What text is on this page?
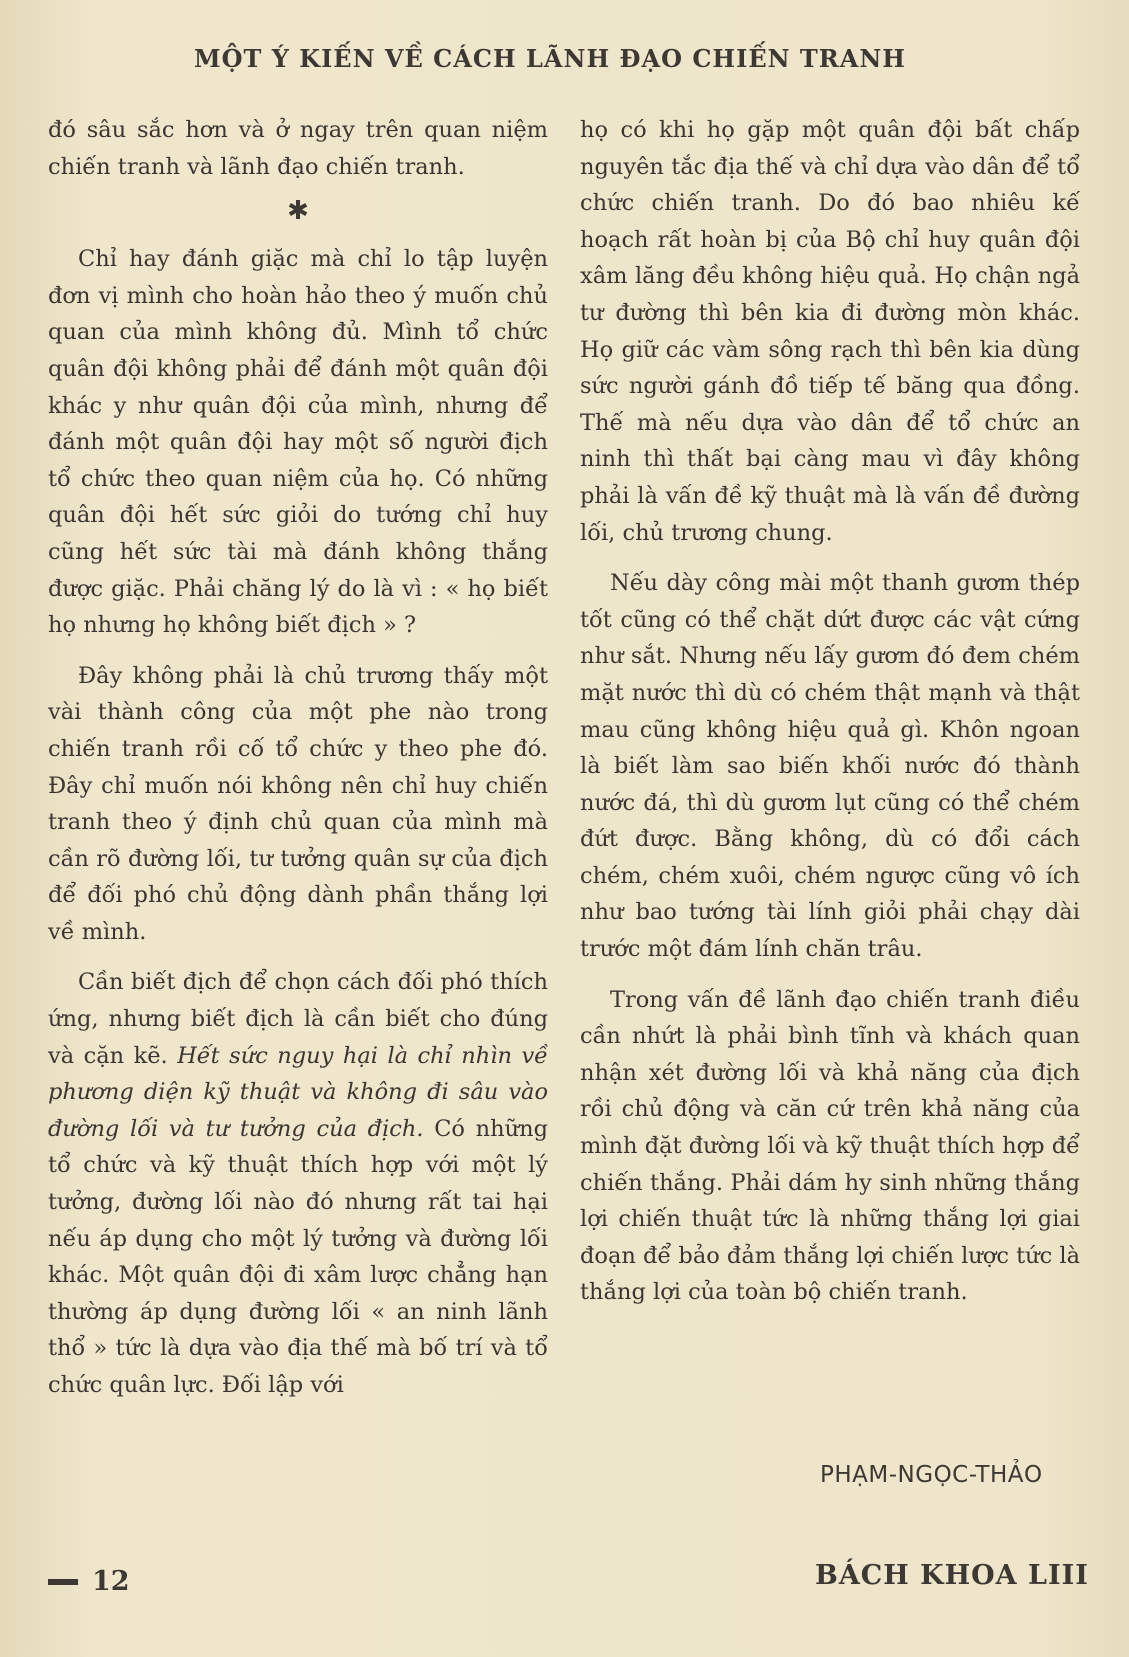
MỘT Ý KIẾN VỀ CÁCH LÃNH ĐẠO CHIẾN TRANH

đó sâu sắc hơn và ở ngay trên quan niệm chiến tranh và lãnh đạo chiến tranh.

✱

Chỉ hay đánh giặc mà chỉ lo tập luyện đơn vị mình cho hoàn hảo theo ý muốn chủ quan của mình không đủ. Mình tổ chức quân đội không phải để đánh một quân đội khác y như quân đội của mình, nhưng để đánh một quân đội hay một số người địch tổ chức theo quan niệm của họ. Có những quân đội hết sức giỏi do tướng chỉ huy cũng hết sức tài mà đánh không thắng được giặc. Phải chăng lý do là vì : « họ biết họ nhưng họ không biết địch » ?

Đây không phải là chủ trương thấy một vài thành công của một phe nào trong chiến tranh rồi cố tổ chức y theo phe đó. Đây chỉ muốn nói không nên chỉ huy chiến tranh theo ý định chủ quan của mình mà cần rõ đường lối, tư tưởng quân sự của địch để đối phó chủ động dành phần thắng lợi về mình.

Cần biết địch để chọn cách đối phó thích ứng, nhưng biết địch là cần biết cho đúng và cặn kẽ. Hết sức nguy hại là chỉ nhìn về phương diện kỹ thuật và không đi sâu vào đường lối và tư tưởng của địch. Có những tổ chức và kỹ thuật thích hợp với một lý tưởng, đường lối nào đó nhưng rất tai hại nếu áp dụng cho một lý tưởng và đường lối khác. Một quân đội đi xâm lược chẳng hạn thường áp dụng đường lối « an ninh lãnh thổ » tức là dựa vào địa thế mà bố trí và tổ chức quân lực. Đối lập với

họ có khi họ gặp một quân đội bất chấp nguyên tắc địa thế và chỉ dựa vào dân để tổ chức chiến tranh. Do đó bao nhiêu kế hoạch rất hoàn bị của Bộ chỉ huy quân đội xâm lăng đều không hiệu quả. Họ chận ngả tư đường thì bên kia đi đường mòn khác. Họ giữ các vàm sông rạch thì bên kia dùng sức người gánh đồ tiếp tế băng qua đồng. Thế mà nếu dựa vào dân để tổ chức an ninh thì thất bại càng mau vì đây không phải là vấn đề kỹ thuật mà là vấn đề đường lối, chủ trương chung.

Nếu dày công mài một thanh gươm thép tốt cũng có thể chặt dứt được các vật cứng như sắt. Nhưng nếu lấy gươm đó đem chém mặt nước thì dù có chém thật mạnh và thật mau cũng không hiệu quả gì. Khôn ngoan là biết làm sao biến khối nước đó thành nước đá, thì dù gươm lụt cũng có thể chém đứt được. Bằng không, dù có đổi cách chém, chém xuôi, chém ngược cũng vô ích như bao tướng tài lính giỏi phải chạy dài trước một đám lính chăn trâu.

Trong vấn đề lãnh đạo chiến tranh điều cần nhứt là phải bình tĩnh và khách quan nhận xét đường lối và khả năng của địch rồi chủ động và căn cứ trên khả năng của mình đặt đường lối và kỹ thuật thích hợp để chiến thắng. Phải dám hy sinh những thắng lợi chiến thuật tức là những thắng lợi giai đoạn để bảo đảm thắng lợi chiến lược tức là thắng lợi của toàn bộ chiến tranh.

PHẠM-NGỌC-THẢO
12	BÁCH KHOA LIII
